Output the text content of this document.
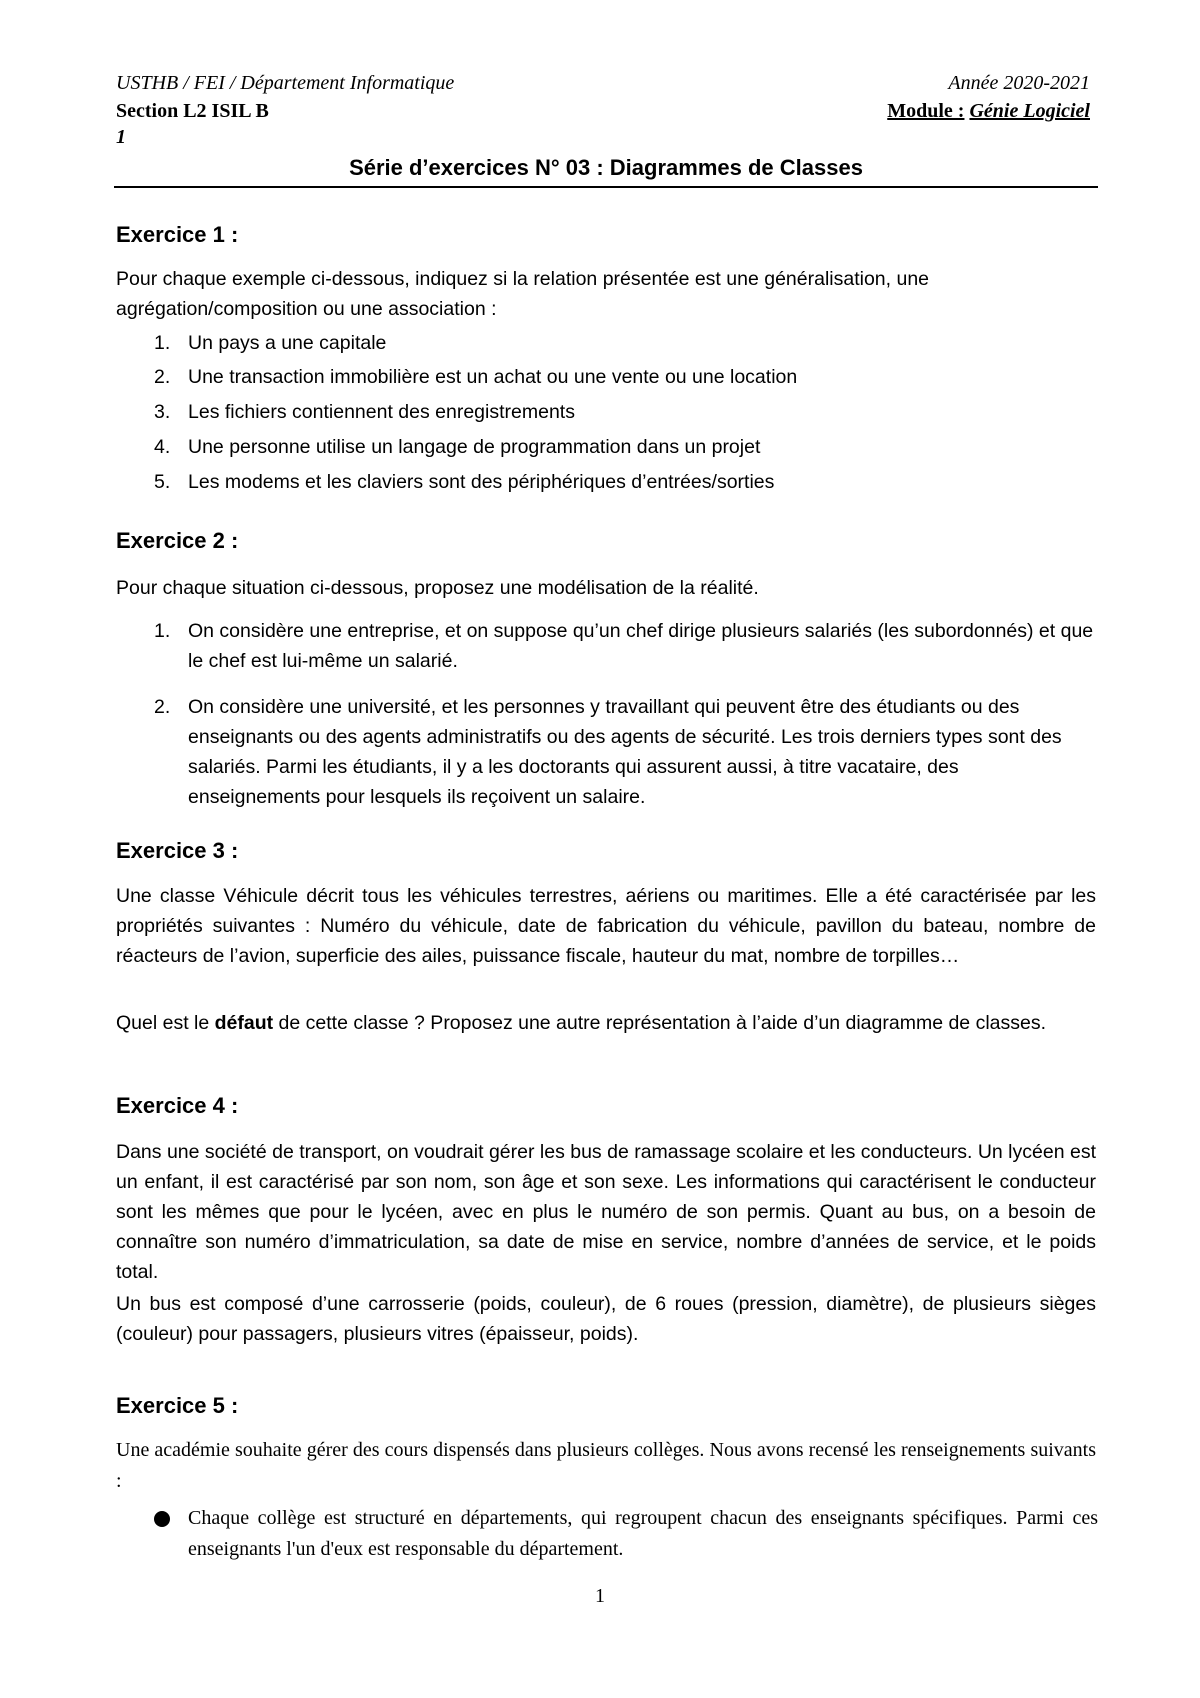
USTHB / FEI / Département Informatique	Année 2020-2021
Section L2 ISIL B	Module : Génie Logiciel
1
Série d’exercices N° 03 : Diagrammes de Classes
Exercice 1 :
Pour chaque exemple ci-dessous, indiquez si la relation présentée est une généralisation, une agrégation/composition ou une association :
1. Un pays a une capitale
2. Une transaction immobilière est un achat ou une vente ou une location
3. Les fichiers contiennent des enregistrements
4. Une personne utilise un langage de programmation dans un projet
5. Les modems et les claviers sont des périphériques d’entrées/sorties
Exercice 2 :
Pour chaque situation ci-dessous, proposez une modélisation de la réalité.
1. On considère une entreprise, et on suppose qu’un chef dirige plusieurs salariés (les subordonnés) et que le chef est lui-même un salarié.
2. On considère une université, et les personnes y travaillant qui peuvent être des étudiants ou des enseignants ou des agents administratifs ou des agents de sécurité. Les trois derniers types sont des salariés. Parmi les étudiants, il y a les doctorants qui assurent aussi, à titre vacataire, des enseignements pour lesquels ils reçoivent un salaire.
Exercice 3 :
Une classe Véhicule décrit tous les véhicules terrestres, aériens ou maritimes. Elle a été caractérisée par les propriétés suivantes : Numéro du véhicule, date de fabrication du véhicule, pavillon du bateau, nombre de réacteurs de l’avion, superficie des ailes, puissance fiscale, hauteur du mat, nombre de torpilles…
Quel est le défaut de cette classe ? Proposez une autre représentation à l’aide d’un diagramme de classes.
Exercice 4 :
Dans une société de transport, on voudrait gérer les bus de ramassage scolaire et les conducteurs. Un lycéen est un enfant, il est caractérisé par son nom, son âge et son sexe. Les informations qui caractérisent le conducteur sont les mêmes que pour le lycéen, avec en plus le numéro de son permis. Quant au bus, on a besoin de connaître son numéro d’immatriculation, sa date de mise en service, nombre d’années de service, et le poids total.
Un bus est composé d’une carrosserie (poids, couleur), de 6 roues (pression, diamètre), de plusieurs sièges (couleur) pour passagers, plusieurs vitres (épaisseur, poids).
Exercice 5 :
Une académie souhaite gérer des cours dispensés dans plusieurs collèges. Nous avons recensé les renseignements suivants :
Chaque collège est structuré en départements, qui regroupent chacun des enseignants spécifiques. Parmi ces enseignants l'un d'eux est responsable du département.
1
